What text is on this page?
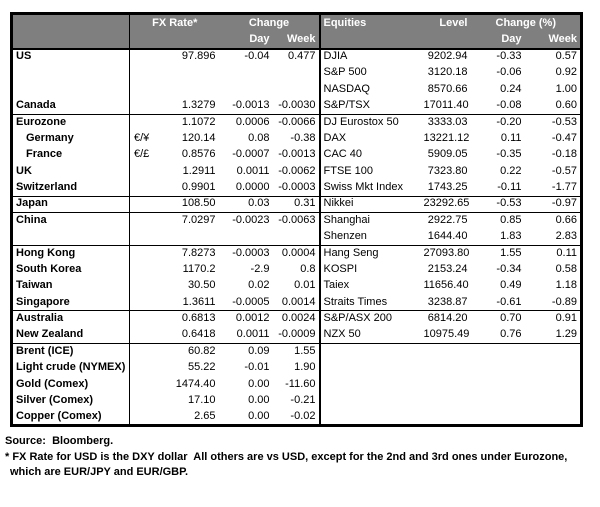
	FX Rate*		Change		Equities	Level	Change (%)	
			Day	Week			Day	Week
US		97.896	-0.04	0.477	DJIA	9202.94	-0.33	0.57
					S&P 500	3120.18	-0.06	0.92
					NASDAQ	8570.66	0.24	1.00
Canada		1.3279	-0.0013	-0.0030	S&P/TSX	17011.40	-0.08	0.60
Eurozone		1.1072	0.0006	-0.0066	DJ Eurostox 50	3333.03	-0.20	-0.53
Germany	€/¥	120.14	0.08	-0.38	DAX	13221.12	0.11	-0.47
France	€/£	0.8576	-0.0007	-0.0013	CAC 40	5909.05	-0.35	-0.18
UK		1.2911	0.0011	-0.0062	FTSE 100	7323.80	0.22	-0.57
Switzerland		0.9901	0.0000	-0.0003	Swiss Mkt Index	1743.25	-0.11	-1.77
Japan		108.50	0.03	0.31	Nikkei	23292.65	-0.53	-0.97
China		7.0297	-0.0023	-0.0063	Shanghai	2922.75	0.85	0.66
					Shenzen	1644.40	1.83	2.83
Hong Kong		7.8273	-0.0003	0.0004	Hang Seng	27093.80	1.55	0.11
South Korea		1170.2	-2.9	0.8	KOSPI	2153.24	-0.34	0.58
Taiwan		30.50	0.02	0.01	Taiex	11656.40	0.49	1.18
Singapore		1.3611	-0.0005	0.0014	Straits Times	3238.87	-0.61	-0.89
Australia		0.6813	0.0012	0.0024	S&P/ASX 200	6814.20	0.70	0.91
New Zealand		0.6418	0.0011	-0.0009	NZX 50	10975.49	0.76	1.29
Brent (ICE)		60.82	0.09	1.55				
Light crude (NYMEX)		55.22	-0.01	1.90				
Gold (Comex)		1474.40	0.00	-11.60				
Silver (Comex)		17.10	0.00	-0.21				
Copper (Comex)		2.65	0.00	-0.02				
Source:  Bloomberg.
* FX Rate for USD is the DXY dollar  All others are vs USD, except for the 2nd and 3rd ones under Eurozone,
which are EUR/JPY and EUR/GBP.
